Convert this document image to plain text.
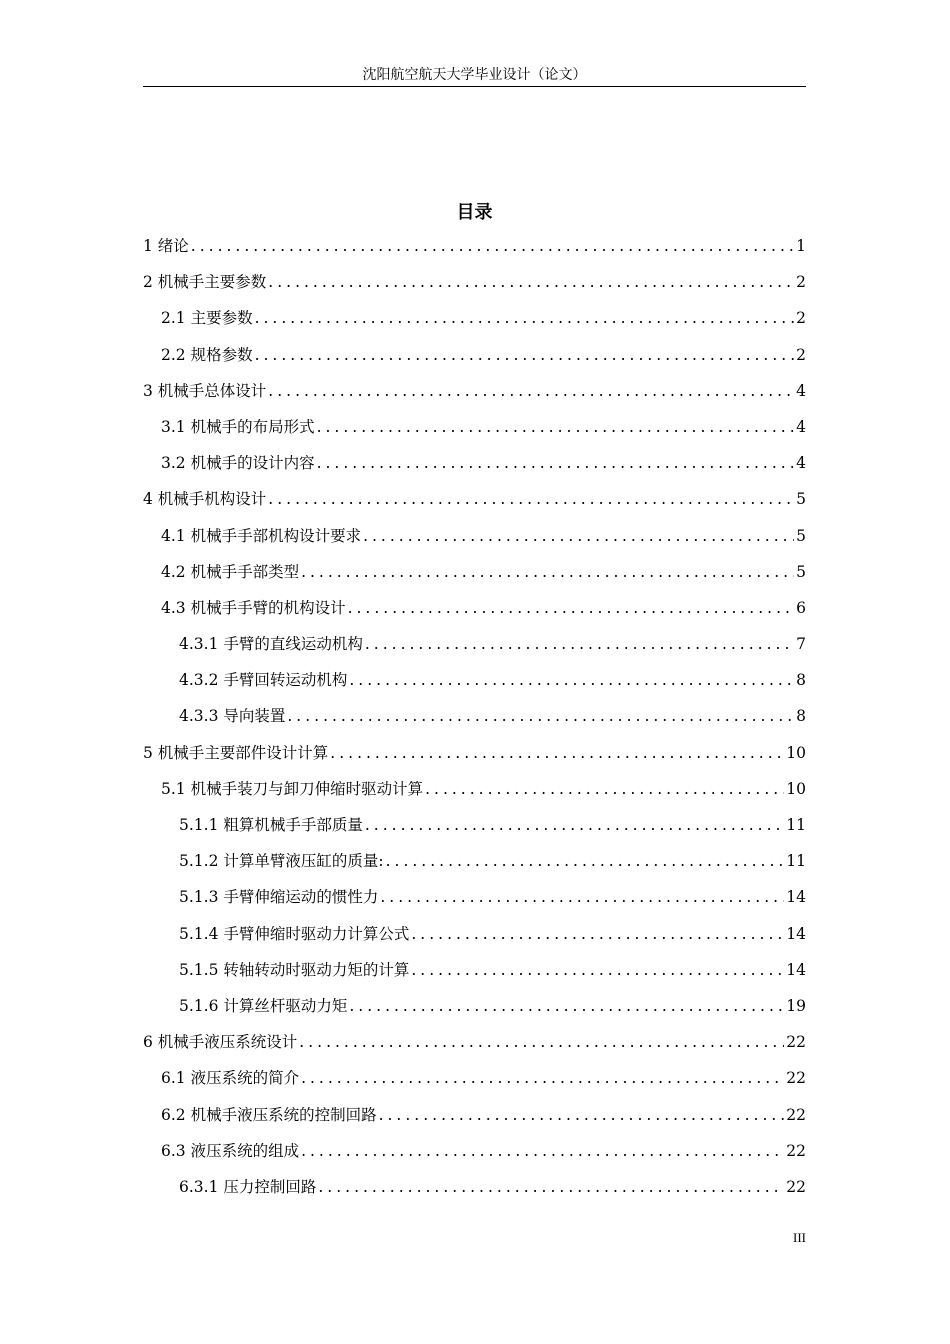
沈阳航空航天大学毕业设计（论文）
目录
1 绪论 .....	1
2 机械手主要参数 .....	2
2.1 主要参数 .....	2
2.2 规格参数 .....	2
3 机械手总体设计 .....	4
3.1 机械手的布局形式 .....	4
3.2 机械手的设计内容 .....	4
4 机械手机构设计 .....	5
4.1 机械手手部机构设计要求 .....	5
4.2 机械手手部类型 .....	5
4.3 机械手手臂的机构设计 .....	6
4.3.1 手臂的直线运动机构 .....	7
4.3.2 手臂回转运动机构 .....	8
4.3.3 导向装置 .....	8
5 机械手主要部件设计计算 .....	10
5.1 机械手装刀与卸刀伸缩时驱动计算 .....	10
5.1.1 粗算机械手手部质量 .....	11
5.1.2 计算单臂液压缸的质量: .....	11
5.1.3 手臂伸缩运动的惯性力 .....	14
5.1.4 手臂伸缩时驱动力计算公式 .....	14
5.1.5 转轴转动时驱动力矩的计算 .....	14
5.1.6 计算丝杆驱动力矩 .....	19
6 机械手液压系统设计 .....	22
6.1 液压系统的简介 .....	22
6.2 机械手液压系统的控制回路 .....	22
6.3 液压系统的组成 .....	22
6.3.1 压力控制回路 .....	22
III
